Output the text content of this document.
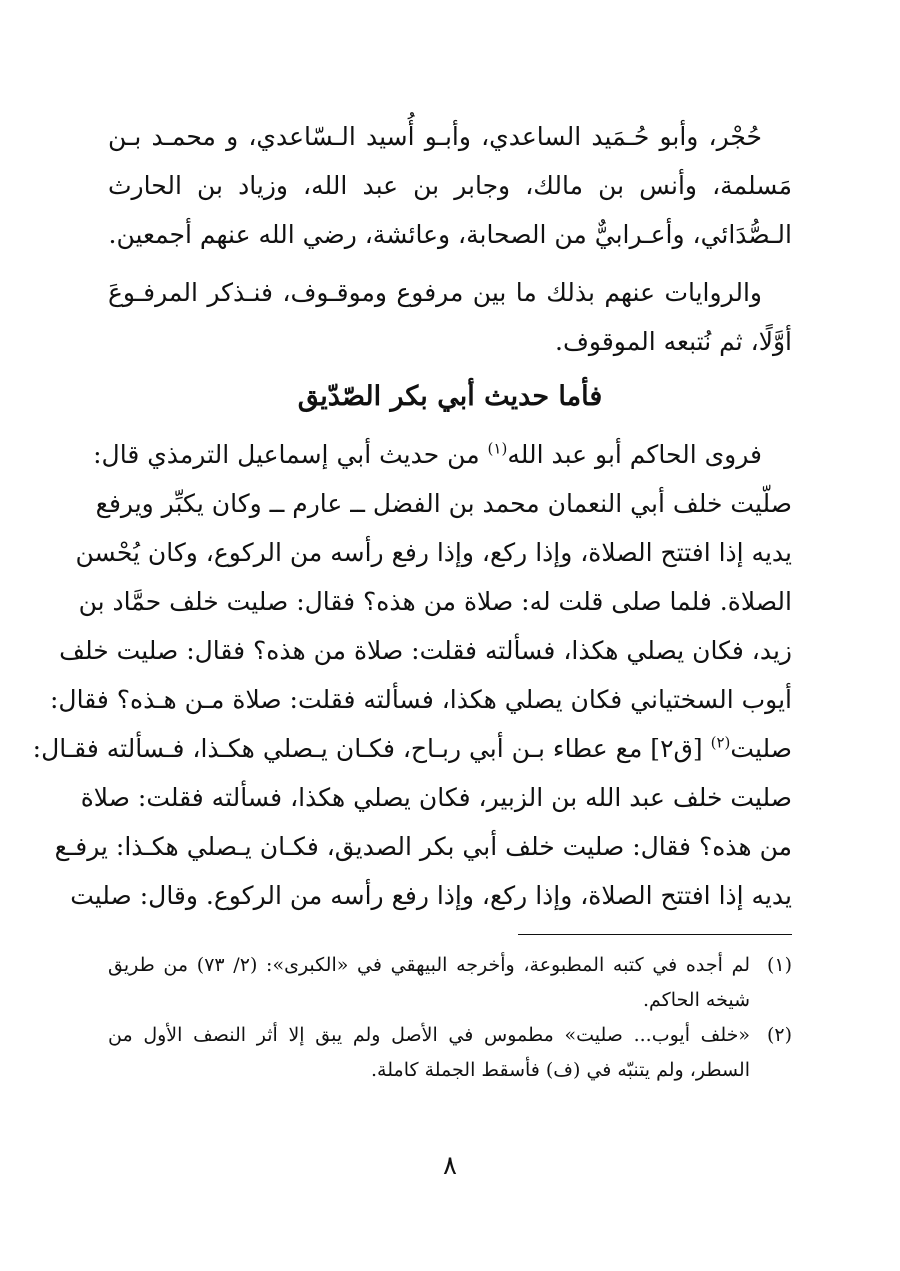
حُجْر، وأبو حُـمَيد الساعدي، وأبـو أُسيد الـسّاعدي، و محمـد بـن مَسلمة، وأنس بن مالك، وجابر بن عبد الله، وزياد بن الحارث الـصُّدَائي، وأعـرابيٌّ من الصحابة، وعائشة، رضي الله عنهم أجمعين.

والروايات عنهم بذلك ما بين مرفوع وموقـوف، فنـذكر المرفـوعَ أوَّلًا، ثم نُتبعه الموقوف.

فأما حديث أبي بكر الصّدّيق
فروى الحاكم أبو عبد الله$^{(١)}$ من حديث أبي إسماعيل الترمذي قال:
صلّيت خلف أبي النعمان محمد بن الفضل ــ عارم ــ وكان يكبِّر ويرفع
يديه إذا افتتح الصلاة، وإذا ركع، وإذا رفع رأسه من الركوع، وكان يُحْسن
الصلاة. فلما صلى قلت له: صلاة من هذه؟ فقال: صليت خلف حمَّاد بن
زيد، فكان يصلي هكذا، فسألته فقلت: صلاة من هذه؟ فقال: صليت خلف
أيوب السختياني فكان يصلي هكذا، فسألته فقلت: صلاة مـن هـذه؟ فقال:
صليت$^{(٢)}$ [ق٢] مع عطاء بـن أبي ربـاح، فكـان يـصلي هكـذا، فـسألته فقـال:
صليت خلف عبد الله بن الزبير، فكان يصلي هكذا، فسألته فقلت: صلاة
من هذه؟ فقال: صليت خلف أبي بكر الصديق، فكـان يـصلي هكـذا: يرفـع
يديه إذا افتتح الصلاة، وإذا ركع، وإذا رفع رأسه من الركوع. وقال: صليت
(١)
لم أجده في كتبه المطبوعة، وأخرجه البيهقي في «الكبرى»: (٢/ ٧٣) من طريق شيخه الحاكم.
(٢)
«خلف أيوب... صليت» مطموس في الأصل ولم يبق إلا أثر النصف الأول من السطر، ولم يتنبّه في (ف) فأسقط الجملة كاملة.
٨
